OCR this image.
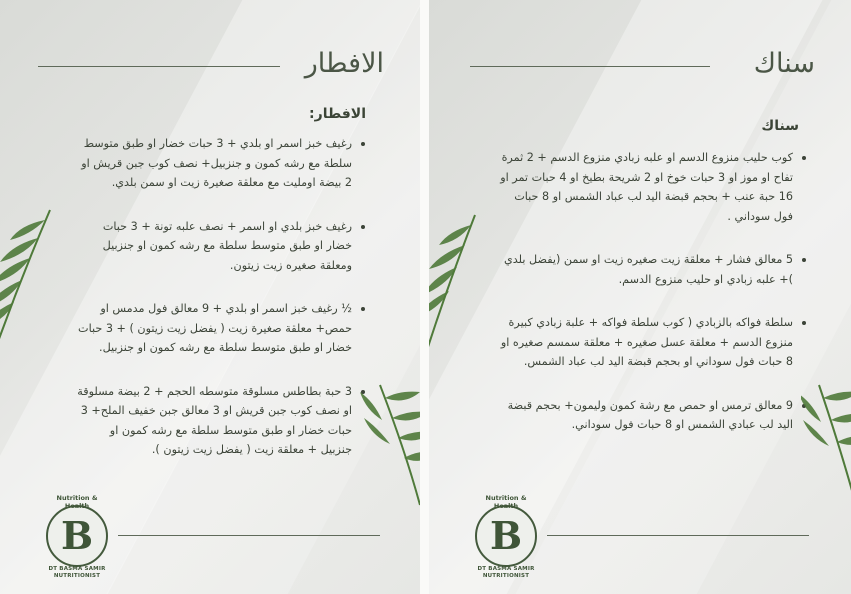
الافطار
الافطار:
رغيف خبز اسمر او بلدي + 3 حبات خضار او طبق متوسط سلطة مع رشه كمون و جنزبيل+ نصف كوب جبن قريش او 2 بيضة اومليت مع معلقة صغيرة زيت او سمن بلدي.
رغيف خبز بلدي او اسمر + نصف علبه تونة + 3 حبات خضار او طبق متوسط سلطة مع رشه كمون او جنزبيل ومعلقة صغيره زيت زيتون.
½ رغيف خبز اسمر او بلدي + 9 معالق فول مدمس او حمص+ معلقة صغيرة زيت ( يفضل زيت زيتون ) + 3 حبات خضار او طبق متوسط سلطة مع رشه كمون او جنزبيل.
3 حبة بطاطس مسلوقة متوسطه الحجم + 2 بيضة مسلوقة او نصف كوب جبن قريش او 3 معالق جبن خفيف الملح+ 3 حبات خضار او طبق متوسط سلطة مع رشه كمون او جنزبيل + معلقة زيت ( يفضل زيت زيتون ).
Nutrition & Health
B
DT BASMA SAMIR
NUTRITIONIST
سناك
سناك
كوب حليب منزوع الدسم او علبه زبادي منزوع الدسم + 2 ثمرة تفاح او موز او 3 حبات خوخ او 2 شريحة بطيخ او 4 حبات تمر او 16 حبة عنب + بحجم قبضة اليد لب عباد الشمس او 8 حبات فول سوداني .
5 معالق فشار + معلقة زيت صغيره زيت او سمن (يفضل بلدي )+ علبه زبادي او حليب منزوع الدسم.
سلطة فواكه بالزبادي ( كوب سلطة فواكه + علبة زبادي كبيرة منزوع الدسم + معلقة عسل صغيره + معلقة سمسم صغيره او 8 حبات فول سوداني او بحجم قبضة اليد لب عباد الشمس.
9 معالق ترمس او حمص مع رشة كمون وليمون+ بحجم قبضة اليد لب عبادي الشمس او 8 حبات فول سوداني.
Nutrition & Health
B
DT BASMA SAMIR
NUTRITIONIST
